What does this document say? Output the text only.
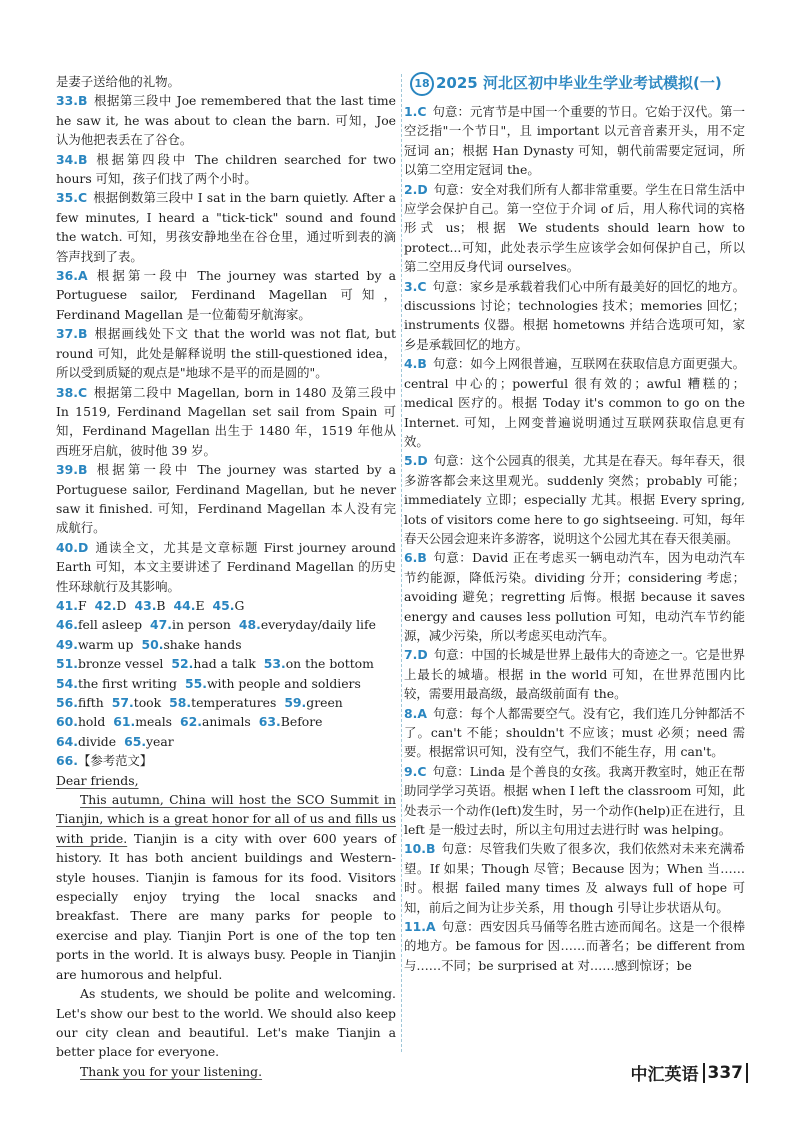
是妻子送给他的礼物。

33.B 根据第三段中 Joe remembered that the last time he saw it, he was about to clean the barn. 可知，Joe 认为他把表丢在了谷仓。

34.B 根据第四段中 The children searched for two hours 可知，孩子们找了两个小时。

35.C 根据倒数第三段中 I sat in the barn quietly. After a few minutes, I heard a "tick-tick" sound and found the watch. 可知，男孩安静地坐在谷仓里，通过听到表的滴答声找到了表。

36.A 根据第一段中 The journey was started by a Portuguese sailor, Ferdinand Magellan 可知，Ferdinand Magellan 是一位葡萄牙航海家。

37.B 根据画线处下文 that the world was not flat, but round 可知，此处是解释说明 the still-questioned idea，所以受到质疑的观点是"地球不是平的而是圆的"。

38.C 根据第二段中 Magellan, born in 1480 及第三段中 In 1519, Ferdinand Magellan set sail from Spain 可知，Ferdinand Magellan 出生于 1480 年，1519 年他从西班牙启航，彼时他 39 岁。

39.B 根据第一段中 The journey was started by a Portuguese sailor, Ferdinand Magellan, but he never saw it finished. 可知，Ferdinand Magellan 本人没有完成航行。

40.D 通读全文，尤其是文章标题 First journey around Earth 可知，本文主要讲述了 Ferdinand Magellan 的历史性环球航行及其影响。

41.F 42.D 43.B 44.E 45.G
46.fell asleep 47.in person 48.everyday/daily life
49.warm up 50.shake hands
51.bronze vessel 52.had a talk 53.on the bottom
54.the first writing 55.with people and soldiers
56.fifth 57.took 58.temperatures 59.green
60.hold 61.meals 62.animals 63.Before
64.divide 65.year

66.【参考范文】

Dear friends,

This autumn, China will host the SCO Summit in Tianjin, which is a great honor for all of us and fills us with pride. Tianjin is a city with over 600 years of history. It has both ancient buildings and Western-style houses. Tianjin is famous for its food. Visitors especially enjoy trying the local snacks and breakfast. There are many parks for people to exercise and play. Tianjin Port is one of the top ten ports in the world. It is always busy. People in Tianjin are humorous and helpful.

As students, we should be polite and welcoming. Let's show our best to the world. We should also keep our city clean and beautiful. Let's make Tianjin a better place for everyone.

Thank you for your listening.

18 2025 河北区初中毕业生学业考试模拟(一)

1.C 句意：元宵节是中国一个重要的节日。它始于汉代。第一空泛指"一个节日"，且 important 以元音音素开头，用不定冠词 an；根据 Han Dynasty 可知，朝代前需要定冠词，所以第二空用定冠词 the。

2.D 句意：安全对我们所有人都非常重要。学生在日常生活中应学会保护自己。第一空位于介词 of 后，用人称代词的宾格形式 us；根据 We students should learn how to protect...可知，此处表示学生应该学会如何保护自己，所以第二空用反身代词 ourselves。

3.C 句意：家乡是承载着我们心中所有最美好的回忆的地方。discussions 讨论；technologies 技术；memories 回忆；instruments 仪器。根据 hometowns 并结合选项可知，家乡是承载回忆的地方。

4.B 句意：如今上网很普遍，互联网在获取信息方面更强大。central 中心的；powerful 很有效的；awful 糟糕的；medical 医疗的。根据 Today it's common to go on the Internet. 可知，上网变普遍说明通过互联网获取信息更有效。

5.D 句意：这个公园真的很美，尤其是在春天。每年春天，很多游客都会来这里观光。suddenly 突然；probably 可能；immediately 立即；especially 尤其。根据 Every spring, lots of visitors come here to go sightseeing. 可知，每年春天公园会迎来许多游客，说明这个公园尤其在春天很美丽。

6.B 句意：David 正在考虑买一辆电动汽车，因为电动汽车节约能源，降低污染。dividing 分开；considering 考虑；avoiding 避免；regretting 后悔。根据 because it saves energy and causes less pollution 可知，电动汽车节约能源，减少污染，所以考虑买电动汽车。

7.D 句意：中国的长城是世界上最伟大的奇迹之一。它是世界上最长的城墙。根据 in the world 可知，在世界范围内比较，需要用最高级，最高级前面有 the。

8.A 句意：每个人都需要空气。没有它，我们连几分钟都活不了。can't 不能；shouldn't 不应该；must 必须；need 需要。根据常识可知，没有空气，我们不能生存，用 can't。

9.C 句意：Linda 是个善良的女孩。我离开教室时，她正在帮助同学学习英语。根据 when I left the classroom 可知，此处表示一个动作(left)发生时，另一个动作(help)正在进行，且 left 是一般过去时，所以主句用过去进行时 was helping。

10.B 句意：尽管我们失败了很多次，我们依然对未来充满希望。If 如果；Though 尽管；Because 因为；When 当……时。根据 failed many times 及 always full of hope 可知，前后之间为让步关系，用 though 引导让步状语从句。

11.A 句意：西安因兵马俑等名胜古迹而闻名。这是一个很棒的地方。be famous for 因……而著名；be different from 与……不同；be surprised at 对……感到惊讶；be

中汇英语 337
